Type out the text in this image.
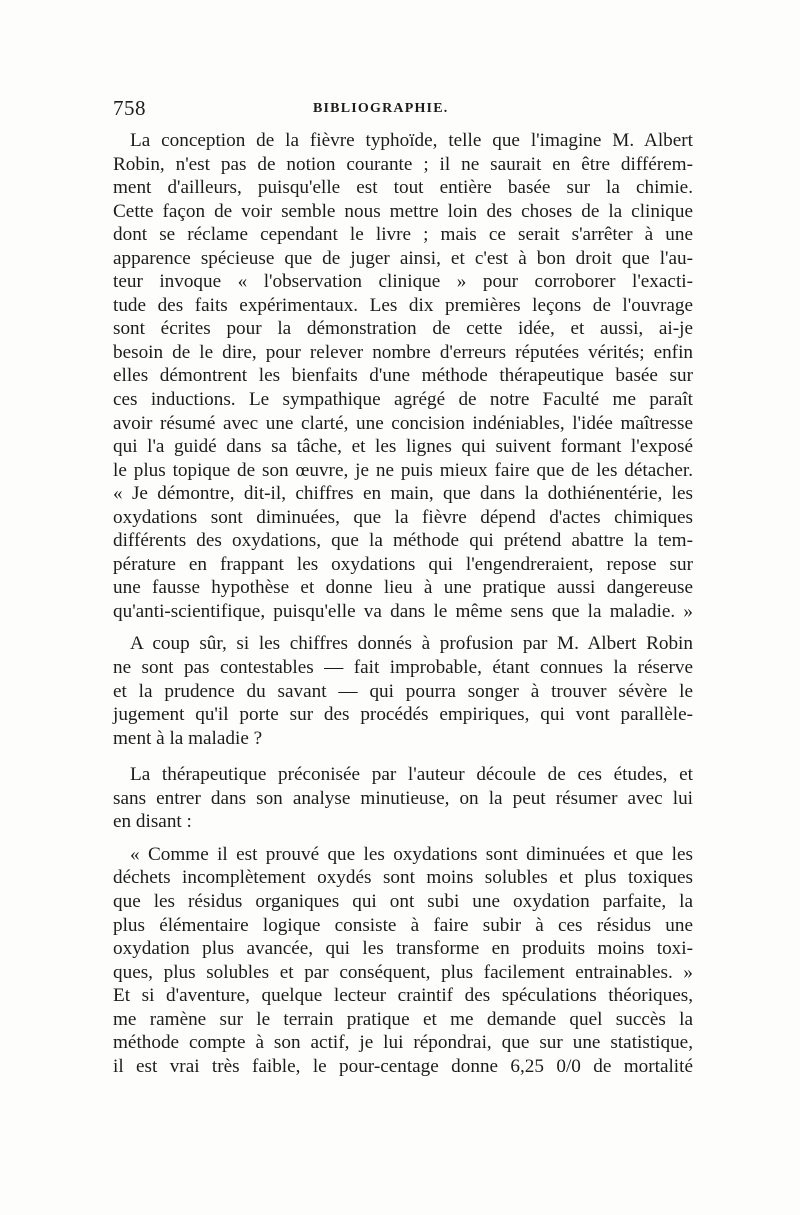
758	BIBLIOGRAPHIE.
La conception de la fièvre typhoïde, telle que l'imagine M. Albert
Robin, n'est pas de notion courante ; il ne saurait en être différem-
ment d'ailleurs, puisqu'elle est tout entière basée sur la chimie.
Cette façon de voir semble nous mettre loin des choses de la clinique
dont se réclame cependant le livre ; mais ce serait s'arrêter à une
apparence spécieuse que de juger ainsi, et c'est à bon droit que l'au-
teur invoque « l'observation clinique » pour corroborer l'exacti-
tude des faits expérimentaux. Les dix premières leçons de l'ouvrage
sont écrites pour la démonstration de cette idée, et aussi, ai-je
besoin de le dire, pour relever nombre d'erreurs réputées vérités; enfin
elles démontrent les bienfaits d'une méthode thérapeutique basée sur
ces inductions. Le sympathique agrégé de notre Faculté me paraît
avoir résumé avec une clarté, une concision indéniables, l'idée maîtresse
qui l'a guidé dans sa tâche, et les lignes qui suivent formant l'exposé
le plus topique de son œuvre, je ne puis mieux faire que de les détacher.
« Je démontre, dit-il, chiffres en main, que dans la dothiénentérie, les
oxydations sont diminuées, que la fièvre dépend d'actes chimiques
différents des oxydations, que la méthode qui prétend abattre la tem-
pérature en frappant les oxydations qui l'engendreraient, repose sur
une fausse hypothèse et donne lieu à une pratique aussi dangereuse
qu'anti-scientifique, puisqu'elle va dans le même sens que la maladie. »
A coup sûr, si les chiffres donnés à profusion par M. Albert Robin
ne sont pas contestables — fait improbable, étant connues la réserve
et la prudence du savant — qui pourra songer à trouver sévère le
jugement qu'il porte sur des procédés empiriques, qui vont parallèle-
ment à la maladie ?
La thérapeutique préconisée par l'auteur découle de ces études, et
sans entrer dans son analyse minutieuse, on la peut résumer avec lui
en disant :
« Comme il est prouvé que les oxydations sont diminuées et que les
déchets incomplètement oxydés sont moins solubles et plus toxiques
que les résidus organiques qui ont subi une oxydation parfaite, la
plus élémentaire logique consiste à faire subir à ces résidus une
oxydation plus avancée, qui les transforme en produits moins toxi-
ques, plus solubles et par conséquent, plus facilement entrainables. »
Et si d'aventure, quelque lecteur craintif des spéculations théoriques,
me ramène sur le terrain pratique et me demande quel succès la
méthode compte à son actif, je lui répondrai, que sur une statistique,
il est vrai très faible, le pour-centage donne 6,25 0/0 de mortalité
